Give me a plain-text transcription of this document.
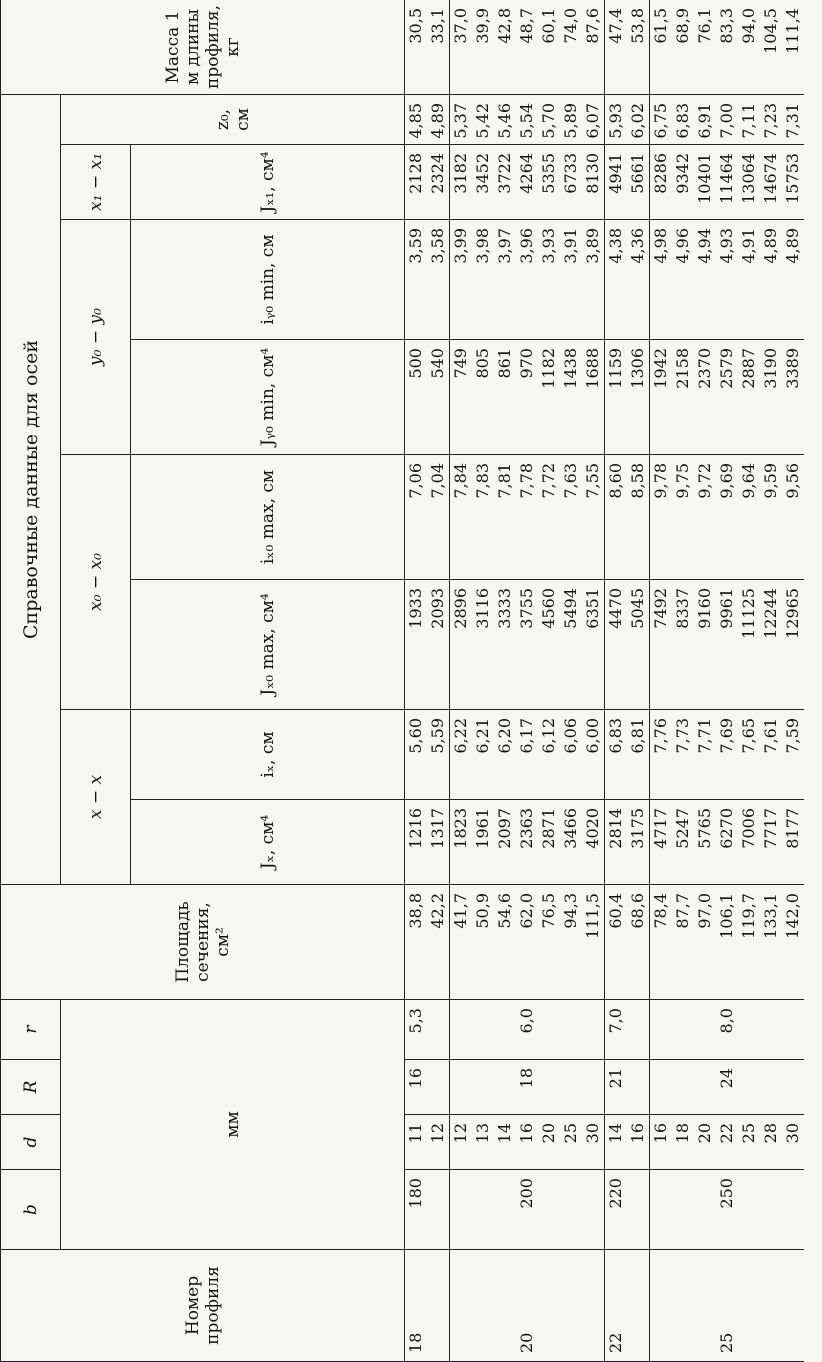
Номер профиля	b	d	R	r	Площадь сечения, см²	Справочные данные для осей								Масса 1 м длины профиля, кг
	мм					x − x		x₀ − x₀		y₀ − y₀		x₁ − x₁	z₀, см	
						Jₓ, см⁴	iₓ, см	Jₓ₀ max, см⁴	iₓ₀ max, см	Jᵧ₀ min, см⁴	iᵧ₀ min, см	Jₓ₁, см⁴		
18	180	11	16	5,3	38,8	1216	5,60	1933	7,06	500	3,59	2128	4,85	30,5
		12			42,2	1317	5,59	2093	7,04	540	3,58	2324	4,89	33,1
		12			41,7	1823	6,22	2896	7,84	749	3,99	3182	5,37	37,0
		13			50,9	1961	6,21	3116	7,83	805	3,98	3452	5,42	39,9
		14			54,6	2097	6,20	3333	7,81	861	3,97	3722	5,46	42,8
20	200	16	18	6,0	62,0	2363	6,17	3755	7,78	970	3,96	4264	5,54	48,7
		20			76,5	2871	6,12	4560	7,72	1182	3,93	5355	5,70	60,1
		25			94,3	3466	6,06	5494	7,63	1438	3,91	6733	5,89	74,0
		30			111,5	4020	6,00	6351	7,55	1688	3,89	8130	6,07	87,6
22	220	14	21	7,0	60,4	2814	6,83	4470	8,60	1159	4,38	4941	5,93	47,4
		16			68,6	3175	6,81	5045	8,58	1306	4,36	5661	6,02	53,8
		16			78,4	4717	7,76	7492	9,78	1942	4,98	8286	6,75	61,5
		18			87,7	5247	7,73	8337	9,75	2158	4,96	9342	6,83	68,9
		20			97,0	5765	7,71	9160	9,72	2370	4,94	10401	6,91	76,1
25	250	22	24	8,0	106,1	6270	7,69	9961	9,69	2579	4,93	11464	7,00	83,3
		25			119,7	7006	7,65	11125	9,64	2887	4,91	13064	7,11	94,0
		28			133,1	7717	7,61	12244	9,59	3190	4,89	14674	7,23	104,5
		30			142,0	8177	7,59	12965	9,56	3389	4,89	15753	7,31	111,4
